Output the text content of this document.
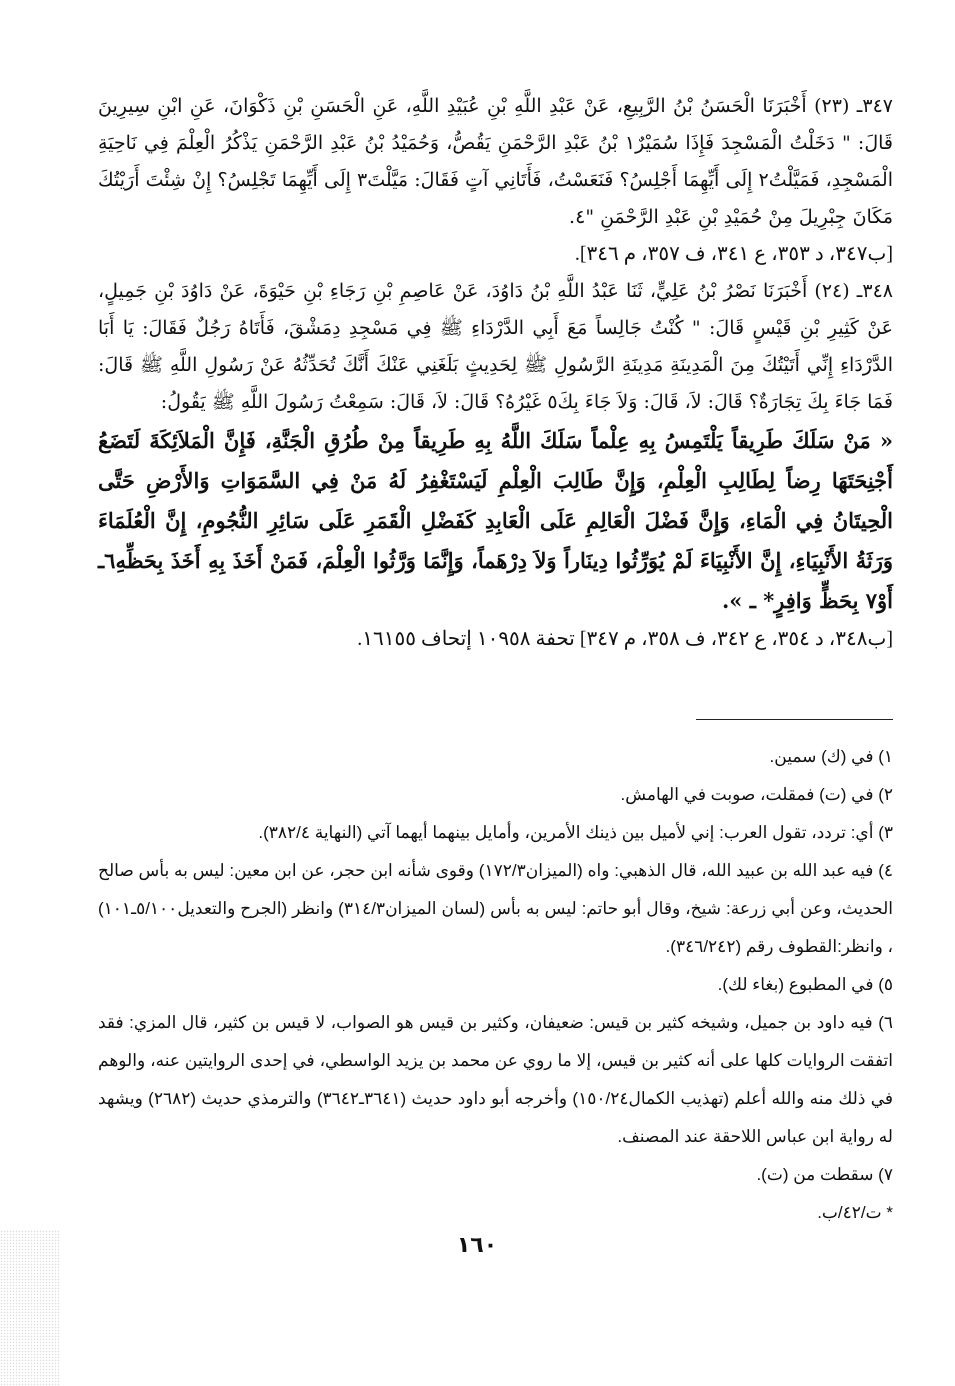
٣٤٧ـ (٢٣) أَخْبَرَنَا الْحَسَنُ بْنُ الرَّبِيعِ، عَنْ عَبْدِ اللَّهِ بْنِ عُبَيْدِ اللَّهِ، عَنِ الْحَسَنِ بْنِ ذَكْوَانَ، عَنِ ابْنِ سِيرِينَ قَالَ: " دَخَلْتُ الْمَسْجِدَ فَإِذَا سُمَيْرٌ١ بْنُ عَبْدِ الرَّحْمَنِ يَقُصُّ، وَحُمَيْدُ بْنُ عَبْدِ الرَّحْمَنِ يَذْكُرُ الْعِلْمَ فِي نَاحِيَةِ الْمَسْجِدِ، فَمَيَّلْتُ٢ إِلَى أَيِّهِمَا أَجْلِسُ؟ فَنَعَسْتُ، فَأَتَانِي آتٍ فَقَالَ: مَيَّلْتَ٣ إِلَى أَيِّهِمَا تَجْلِسُ؟ إِنْ شِئْتَ أَرَيْتُكَ مَكَانَ جِبْرِيلَ مِنْ حُمَيْدِ بْنِ عَبْدِ الرَّحْمَنِ "٤.

[ب٣٤٧، د ٣٥٣، ع ٣٤١، ف ٣٥٧، م ٣٤٦].

٣٤٨ـ (٢٤) أَخْبَرَنَا نَصْرُ بْنُ عَلِيٍّ، ثَنَا عَبْدُ اللَّهِ بْنُ دَاوُدَ، عَنْ عَاصِمِ بْنِ رَجَاءِ بْنِ حَيْوَةَ، عَنْ دَاوُدَ بْنِ جَمِيلٍ، عَنْ كَثِيرِ بْنِ قَيْسٍ قَالَ: " كُنْتُ جَالِساً مَعَ أَبِي الدَّرْدَاءِ ﷺ فِي مَسْجِدِ دِمَشْقَ، فَأَتَاهُ رَجُلٌ فَقَالَ: يَا أَبَا الدَّرْدَاءِ إِنِّي أَتَيْتُكَ مِنَ الْمَدِينَةِ مَدِينَةِ الرَّسُولِ ﷺ لِحَدِيثٍ بَلَغَنِي عَنْكَ أَنَّكَ تُحَدِّثُهُ عَنْ رَسُولِ اللَّهِ ﷺ قَالَ: فَمَا جَاءَ بِكَ تِجَارَةٌ؟ قَالَ: لاَ، قَالَ: وَلاَ جَاءَ بِكَ٥ غَيْرُهُ؟ قَالَ: لاَ، قَالَ: سَمِعْتُ رَسُولَ اللَّهِ ﷺ يَقُولُ:

« مَنْ سَلَكَ طَرِيقاً يَلْتَمِسُ بِهِ عِلْماً سَلَكَ اللَّهُ بِهِ طَرِيقاً مِنْ طُرُقِ الْجَنَّةِ، فَإِنَّ الْمَلاَئِكَةَ لَتَضَعُ أَجْنِحَتَهَا رِضاً لِطَالِبِ الْعِلْمِ، وَإِنَّ طَالِبَ الْعِلْمِ لَيَسْتَغْفِرُ لَهُ مَنْ فِي السَّمَوَاتِ وَالأَرْضِ حَتَّى الْحِيتَانُ فِي الْمَاءِ، وَإِنَّ فَضْلَ الْعَالِمِ عَلَى الْعَابِدِ كَفَضْلِ الْقَمَرِ عَلَى سَائِرِ النُّجُومِ، إِنَّ الْعُلَمَاءَ وَرَثَةُ الأَنْبِيَاءِ، إِنَّ الأَنْبِيَاءَ لَمْ يُوَرِّثُوا دِينَاراً وَلاَ دِرْهَماً، وَإِنَّمَا وَرَّثُوا الْعِلْمَ، فَمَنْ أَخَذَ بِهِ أَخَذَ بِحَظِّهِ٦ـ أَوْ٧ بِحَظٍّ وَافِرٍ* ـ ».

[ب٣٤٨، د ٣٥٤، ع ٣٤٢، ف ٣٥٨، م ٣٤٧] تحفة ١٠٩٥٨ إتحاف ١٦١٥٥.

١) في (ك) سمين.

٢) في (ت) فمقلت، صوبت في الهامش.

٣) أي: تردد، تقول العرب: إني لأميل بين ذينك الأمرين، وأمايل بينهما أيهما آتي (النهاية ٣٨٢/٤).

٤) فيه عبد الله بن عبيد الله، قال الذهبي: واه (الميزان١٧٢/٣) وقوى شأنه ابن حجر، عن ابن معين: ليس به بأس صالح الحديث، وعن أبي زرعة: شيخ، وقال أبو حاتم: ليس به بأس (لسان الميزان٣١٤/٣) وانظر (الجرح والتعديل٥/١٠٠ـ١٠١) ، وانظر:القطوف رقم (٣٤٦/٢٤٢).

٥) في المطبوع (بغاء لك).

٦) فيه داود بن جميل، وشيخه كثير بن قيس: ضعيفان، وكثير بن قيس هو الصواب، لا قيس بن كثير، قال المزي: فقد اتفقت الروايات كلها على أنه كثير بن قيس، إلا ما روي عن محمد بن يزيد الواسطي، في إحدى الروايتين عنه، والوهم في ذلك منه والله أعلم (تهذيب الكمال١٥٠/٢٤) وأخرجه أبو داود حديث (٣٦٤١ـ٣٦٤٢) والترمذي حديث (٢٦٨٢) ويشهد له رواية ابن عباس اللاحقة عند المصنف.

٧) سقطت من (ت).

* ت/٤٢/ب.

١٦٠
